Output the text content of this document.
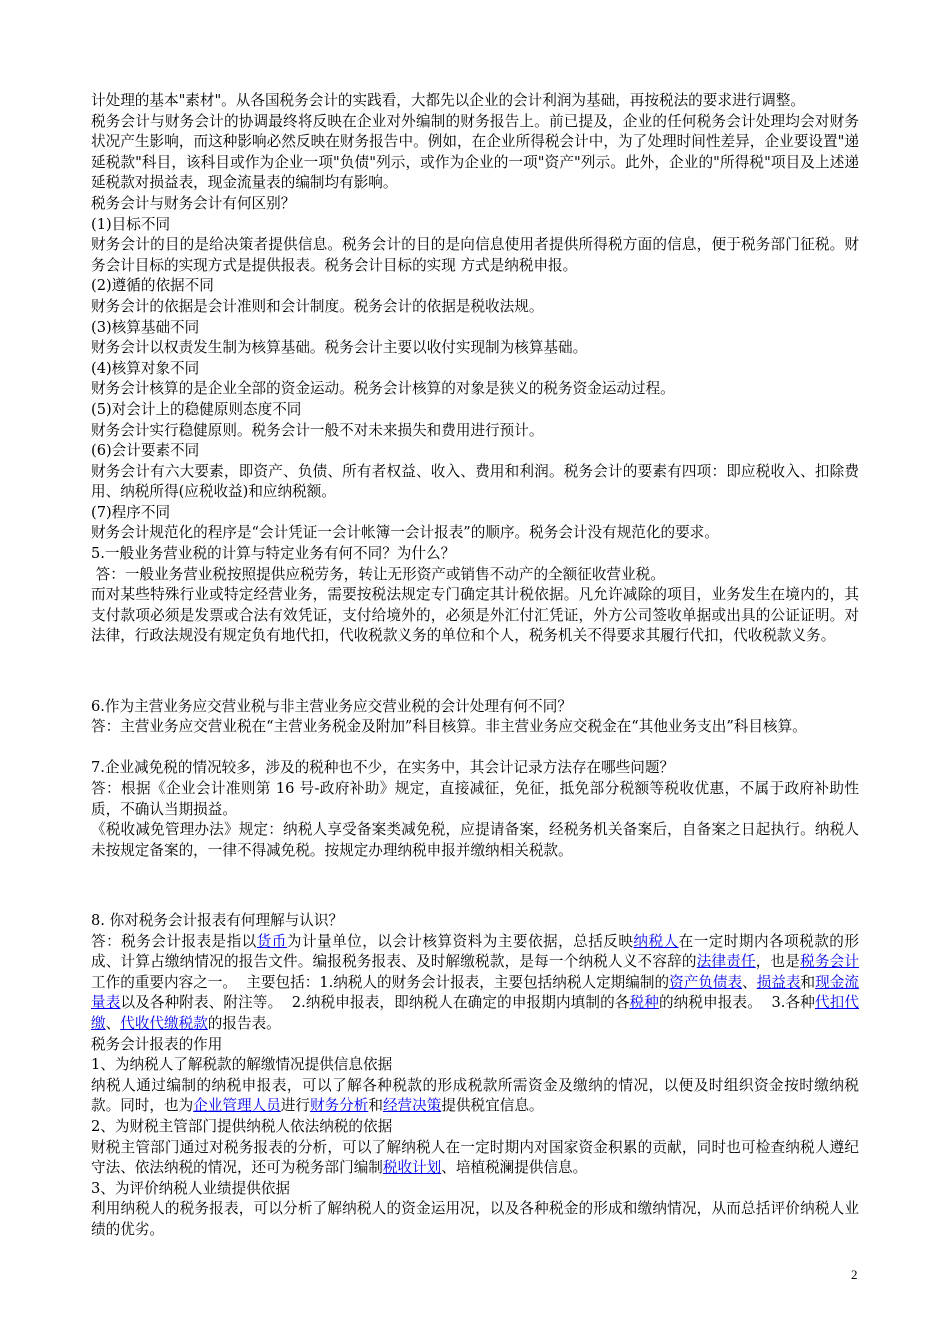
计处理的基本"素材"。从各国税务会计的实践看，大都先以企业的会计利润为基础，再按税法的要求进行调整。

税务会计与财务会计的协调最终将反映在企业对外编制的财务报告上。前已提及，企业的任何税务会计处理均会对财务状况产生影响，而这种影响必然反映在财务报告中。例如，在企业所得税会计中，为了处理时间性差异，企业要设置"递延税款"科目，该科目或作为企业一项"负债"列示，或作为企业的一项"资产"列示。此外，企业的"所得税"项目及上述递延税款对损益表，现金流量表的编制均有影响。

税务会计与财务会计有何区别？

(1)目标不同

财务会计的目的是给决策者提供信息。税务会计的目的是向信息使用者提供所得税方面的信息，便于税务部门征税。财务会计目标的实现方式是提供报表。税务会计目标的实现 方式是纳税申报。

(2)遵循的依据不同

财务会计的依据是会计准则和会计制度。税务会计的依据是税收法规。

(3)核算基础不同

财务会计以权责发生制为核算基础。税务会计主要以收付实现制为核算基础。

(4)核算对象不同

财务会计核算的是企业全部的资金运动。税务会计核算的对象是狭义的税务资金运动过程。

(5)对会计上的稳健原则态度不同

财务会计实行稳健原则。税务会计一般不对未来损失和费用进行预计。

(6)会计要素不同

财务会计有六大要素，即资产、负债、所有者权益、收入、费用和利润。税务会计的要素有四项：即应税收入、扣除费用、纳税所得(应税收益)和应纳税额。

(7)程序不同

财务会计规范化的程序是“会计凭证一会计帐簿一会计报表”的顺序。税务会计没有规范化的要求。

5.一般业务营业税的计算与特定业务有何不同？为什么？

答：一般业务营业税按照提供应税劳务，转让无形资产或销售不动产的全额征收营业税。

而对某些特殊行业或特定经营业务，需要按税法规定专门确定其计税依据。凡允许减除的项目，业务发生在境内的，其支付款项必须是发票或合法有效凭证，支付给境外的，必须是外汇付汇凭证，外方公司签收单据或出具的公证证明。对法律，行政法规没有规定负有地代扣，代收税款义务的单位和个人，税务机关不得要求其履行代扣，代收税款义务。

6.作为主营业务应交营业税与非主营业务应交营业税的会计处理有何不同？

答：主营业务应交营业税在“主营业务税金及附加”科目核算。非主营业务应交税金在“其他业务支出”科目核算。

7.企业减免税的情况较多，涉及的税种也不少，在实务中，其会计记录方法存在哪些问题？

答：根据《企业会计准则第 16 号-政府补助》规定，直接减征，免征，抵免部分税额等税收优惠，不属于政府补助性质，不确认当期损益。

《税收减免管理办法》规定：纳税人享受备案类减免税，应提请备案，经税务机关备案后，自备案之日起执行。纳税人未按规定备案的，一律不得减免税。按规定办理纳税申报并缴纳相关税款。

8. 你对税务会计报表有何理解与认识？

答：税务会计报表是指以货币为计量单位，以会计核算资料为主要依据，总括反映纳税人在一定时期内各项税款的形成、计算占缴纳情况的报告文件。编报税务报表、及时解缴税款，是每一个纳税人义不容辞的法律责任，也是税务会计工作的重要内容之一。  主要包括：1.纳税人的财务会计报表，主要包括纳税人定期编制的资产负债表、损益表和现金流量表以及各种附表、附注等。  2.纳税申报表，即纳税人在确定的申报期内填制的各税种的纳税申报表。  3.各种代扣代缴、代收代缴税款的报告表。

税务会计报表的作用

1、为纳税人了解税款的解缴情况提供信息依据

纳税人通过编制的纳税申报表，可以了解各种税款的形成税款所需资金及缴纳的情况，以便及时组织资金按时缴纳税款。同时，也为企业管理人员进行财务分析和经营决策提供税宜信息。

2、为财税主管部门提供纳税人依法纳税的依据

财税主管部门通过对税务报表的分析，可以了解纳税人在一定时期内对国家资金积累的贡献，同时也可检查纳税人遵纪守法、依法纳税的情况，还可为税务部门编制税收计划、培植税澜提供信息。

3、为评价纳税人业绩提供依据

利用纳税人的税务报表，可以分析了解纳税人的资金运用况，以及各种税金的形成和缴纳情况，从而总括评价纳税人业绩的优劣。

2
